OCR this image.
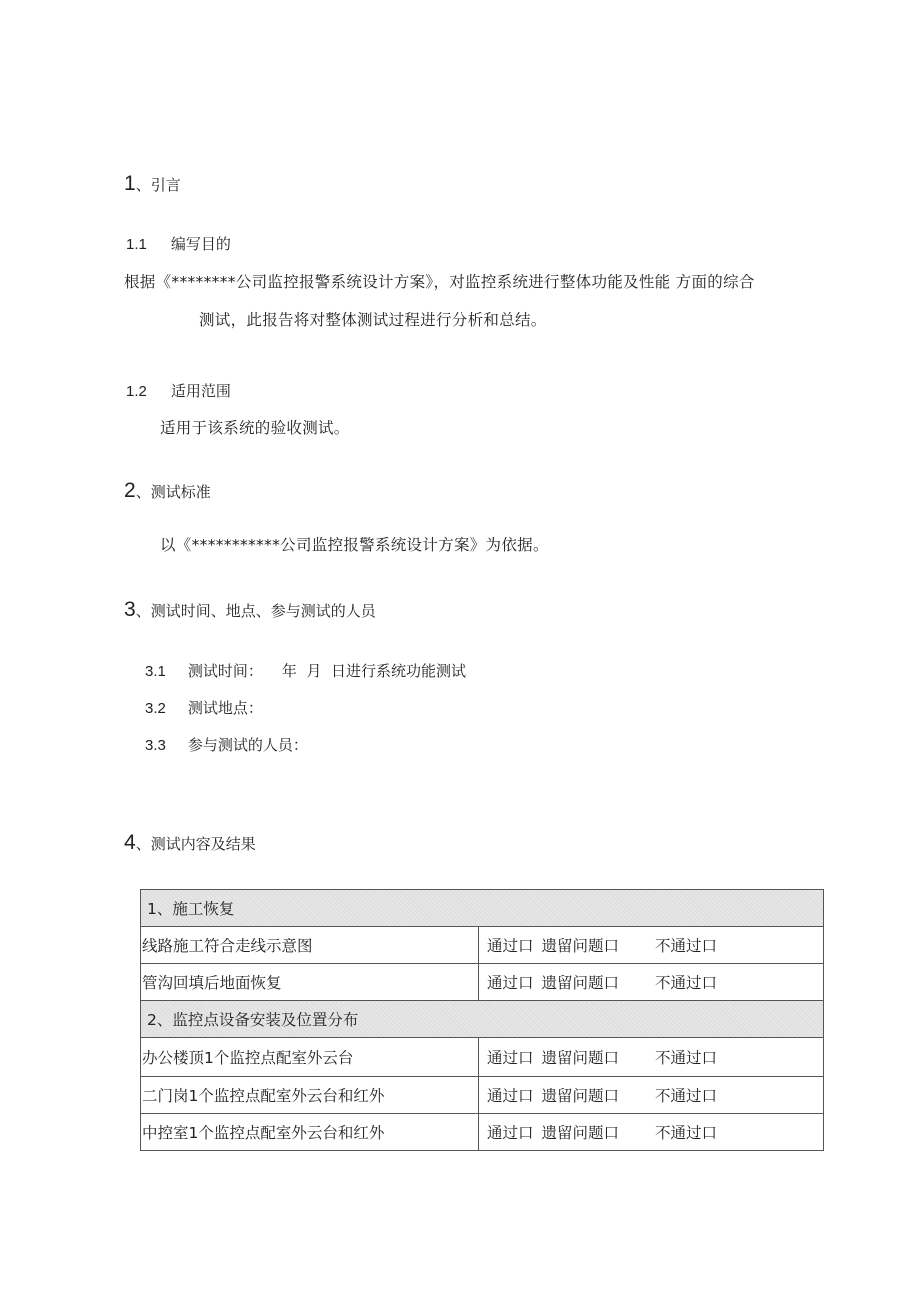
1、引言
1.1 编写目的
根据《********公司监控报警系统设计方案》，对监控系统进行整体功能及性能 方面的综合
测试，此报告将对整体测试过程进行分析和总结。
1.2 适用范围
适用于该系统的验收测试。
2、测试标准
以《***********公司监控报警系统设计方案》为依据。
3、测试时间、地点、参与测试的人员
3.1 测试时间：    年  月  日进行系统功能测试
3.2 测试地点：
3.3 参与测试的人员：
4、测试内容及结果
1、施工恢复	
线路施工符合走线示意图	通过口 遗留问题口 不通过口
管沟回填后地面恢复	通过口 遗留问题口 不通过口
2、监控点设备安装及位置分布	
办公楼顶1个监控点配室外云台	通过口 遗留问题口 不通过口
二门岗1个监控点配室外云台和红外	通过口 遗留问题口 不通过口
中控室1个监控点配室外云台和红外	通过口 遗留问题口 不通过口
